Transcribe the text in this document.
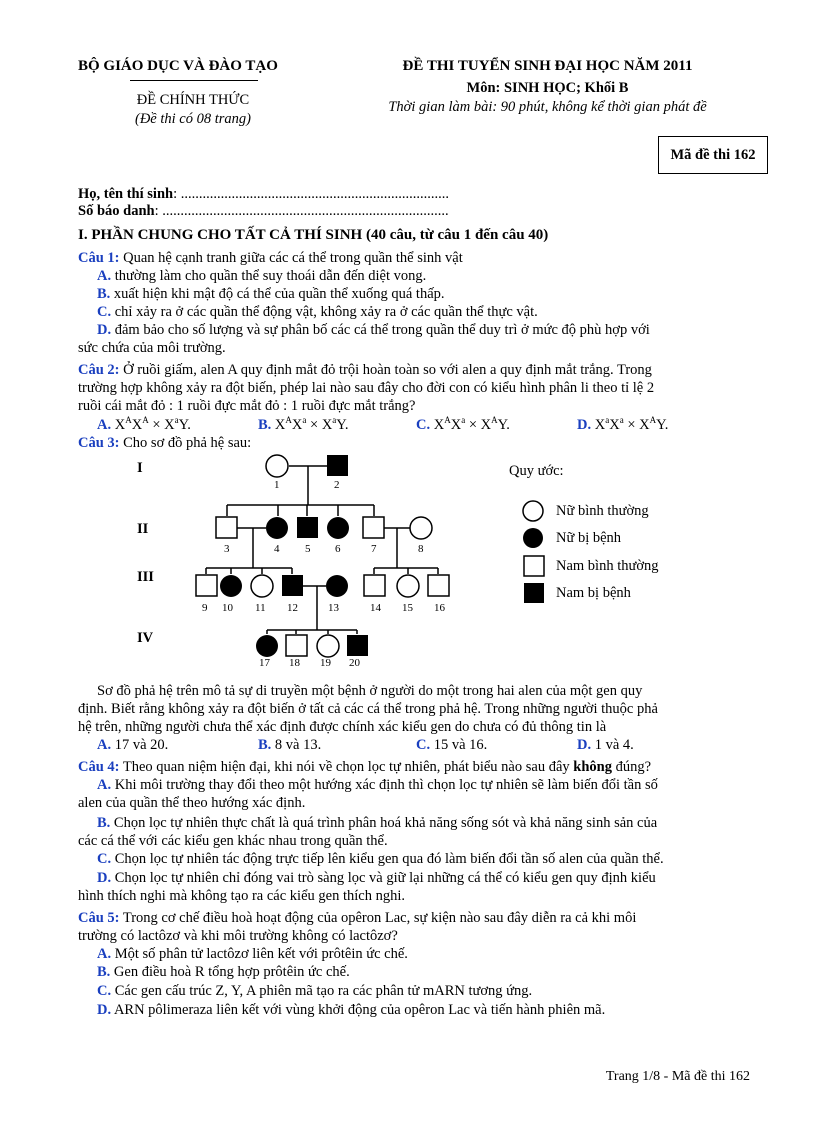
BỘ GIÁO DỤC VÀ ĐÀO TẠO
ĐỀ CHÍNH THỨC
(Đề thi có 08 trang)
ĐỀ THI TUYỂN SINH ĐẠI HỌC NĂM 2011
Môn: SINH HỌC; Khối B
Thời gian làm bài: 90 phút, không kể thời gian phát đề
Mã đề thi 162
Họ, tên thí sinh: ..........................................................................
Số báo danh: ...............................................................................
I. PHẦN CHUNG CHO TẤT CẢ THÍ SINH (40 câu, từ câu 1 đến câu 40)
Câu 1: Quan hệ cạnh tranh giữa các cá thể trong quần thể sinh vật
A. thường làm cho quần thể suy thoái dẫn đến diệt vong.
B. xuất hiện khi mật độ cá thể của quần thể xuống quá thấp.
C. chỉ xảy ra ở các quần thể động vật, không xảy ra ở các quần thể thực vật.
D. đảm bảo cho số lượng và sự phân bố các cá thể trong quần thể duy trì ở mức độ phù hợp với
sức chứa của môi trường.
Câu 2: Ở ruồi giấm, alen A quy định mắt đỏ trội hoàn toàn so với alen a quy định mắt trắng. Trong
trường hợp không xảy ra đột biến, phép lai nào sau đây cho đời con có kiểu hình phân li theo tỉ lệ 2
ruồi cái mắt đỏ : 1 ruồi đực mắt đỏ : 1 ruồi đực mắt trắng?
A. $X^AX^A \times X^aY$.	B. $X^AX^a \times X^aY$.	C. $X^AX^a \times X^AY$.	D. $X^aX^a \times X^AY$.
Câu 3: Cho sơ đồ phả hệ sau:
I
II
III
IV
1	2
3	4 5 6	7	8
9 10 11 12	13	14 15 16
17 18 19 20
Quy ước:
Nữ bình thường
Nữ bị bệnh
Nam bình thường
Nam bị bệnh
Sơ đồ phả hệ trên mô tả sự di truyền một bệnh ở người do một trong hai alen của một gen quy
định. Biết rằng không xảy ra đột biến ở tất cả các cá thể trong phả hệ. Trong những người thuộc phả
hệ trên, những người chưa thể xác định được chính xác kiểu gen do chưa có đủ thông tin là
A. 17 và 20.	B. 8 và 13.	C. 15 và 16.	D. 1 và 4.
Câu 4: Theo quan niệm hiện đại, khi nói về chọn lọc tự nhiên, phát biểu nào sau đây không đúng?
A. Khi môi trường thay đổi theo một hướng xác định thì chọn lọc tự nhiên sẽ làm biến đổi tần số
alen của quần thể theo hướng xác định.
B. Chọn lọc tự nhiên thực chất là quá trình phân hoá khả năng sống sót và khả năng sinh sản của
các cá thể với các kiểu gen khác nhau trong quần thể.
C. Chọn lọc tự nhiên tác động trực tiếp lên kiểu gen qua đó làm biến đổi tần số alen của quần thể.
D. Chọn lọc tự nhiên chỉ đóng vai trò sàng lọc và giữ lại những cá thể có kiểu gen quy định kiểu
hình thích nghi mà không tạo ra các kiểu gen thích nghi.
Câu 5: Trong cơ chế điều hoà hoạt động của opêron Lac, sự kiện nào sau đây diễn ra cả khi môi
trường có lactôzơ và khi môi trường không có lactôzơ?
A. Một số phân tử lactôzơ liên kết với prôtêin ức chế.
B. Gen điều hoà R tổng hợp prôtêin ức chế.
C. Các gen cấu trúc Z, Y, A phiên mã tạo ra các phân tử mARN tương ứng.
D. ARN pôlimeraza liên kết với vùng khởi động của opêron Lac và tiến hành phiên mã.
Trang 1/8 - Mã đề thi 162
